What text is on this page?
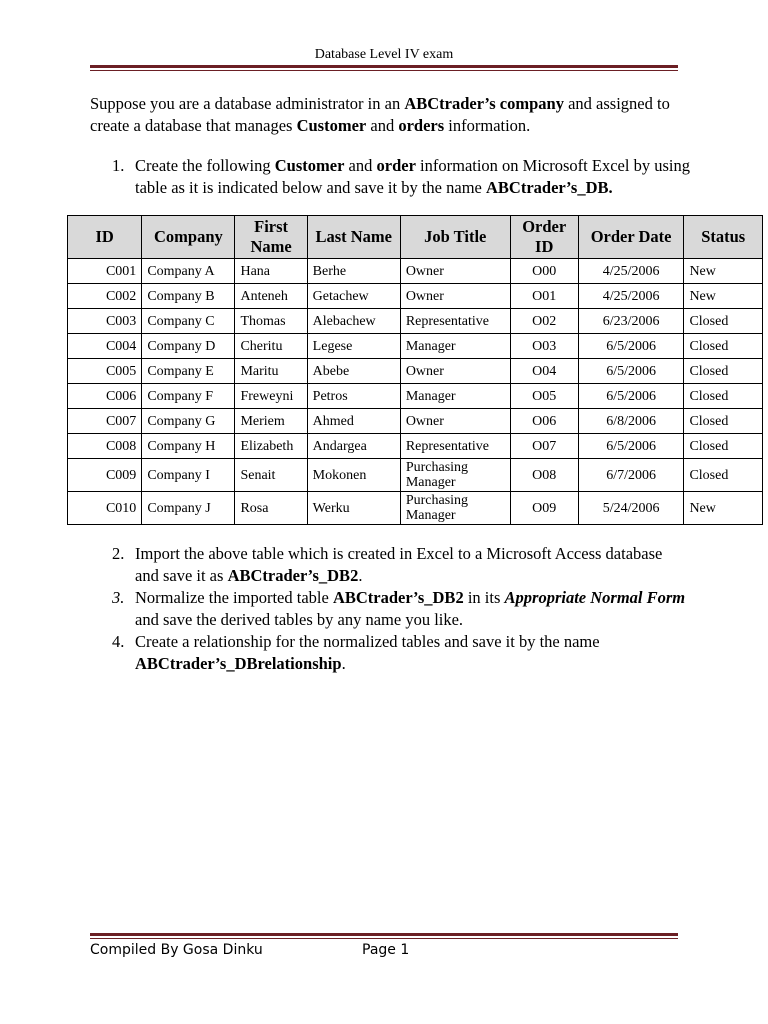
Database Level IV exam

Suppose you are a database administrator in an ABCtrader’s company and assigned to create a database that manages Customer and orders information.

1. Create the following Customer and order information on Microsoft Excel by using table as it is indicated below and save it by the name ABCtrader’s_DB.
ID	Company	First Name	Last Name	Job Title	Order ID	Order Date	Status
C001	Company A	Hana	Berhe	Owner	O00	4/25/2006	New
C002	Company B	Anteneh	Getachew	Owner	O01	4/25/2006	New
C003	Company C	Thomas	Alebachew	Representative	O02	6/23/2006	Closed
C004	Company D	Cheritu	Legese	Manager	O03	6/5/2006	Closed
C005	Company E	Maritu	Abebe	Owner	O04	6/5/2006	Closed
C006	Company F	Freweyni	Petros	Manager	O05	6/5/2006	Closed
C007	Company G	Meriem	Ahmed	Owner	O06	6/8/2006	Closed
C008	Company H	Elizabeth	Andargea	Representative	O07	6/5/2006	Closed
C009	Company I	Senait	Mokonen	Purchasing Manager	O08	6/7/2006	Closed
C010	Company J	Rosa	Werku	Purchasing Manager	O09	5/24/2006	New
2. Import the above table which is created in Excel to a Microsoft Access database and save it as ABCtrader’s_DB2.
3. Normalize the imported table ABCtrader’s_DB2 in its Appropriate Normal Form and save the derived tables by any name you like.
4. Create a relationship for the normalized tables and save it by the name ABCtrader’s_DBrelationship.
Compiled By Gosa Dinku	Page 1
